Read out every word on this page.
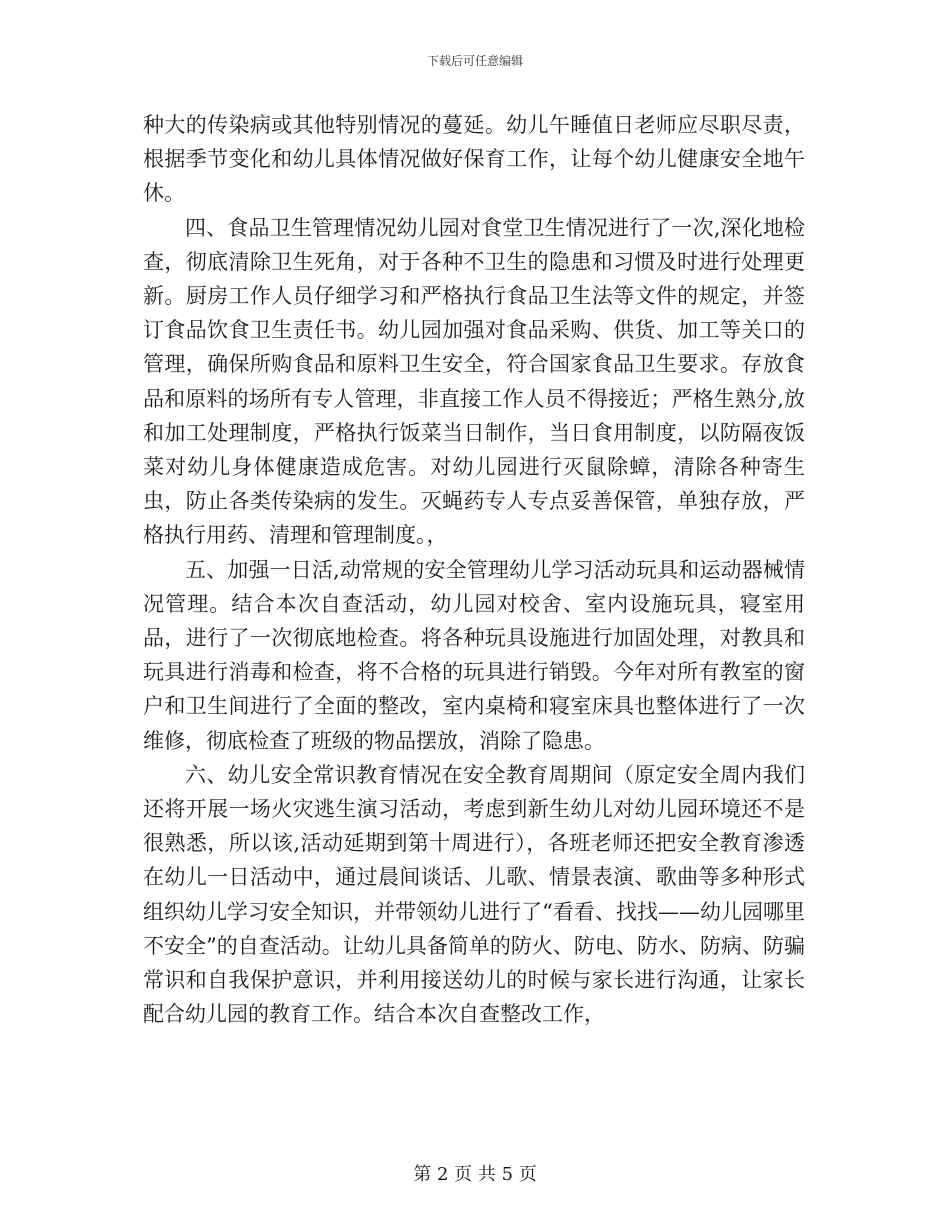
下载后可任意编辑

种大的传染病或其他特别情况的蔓延。幼儿午睡值日老师应尽职尽责，根据季节变化和幼儿具体情况做好保育工作，让每个幼儿健康安全地午休。

四、食品卫生管理情况幼儿园对食堂卫生情况进行了一次,深化地检查，彻底清除卫生死角，对于各种不卫生的隐患和习惯及时进行处理更新。厨房工作人员仔细学习和严格执行食品卫生法等文件的规定，并签订食品饮食卫生责任书。幼儿园加强对食品采购、供货、加工等关口的管理，确保所购食品和原料卫生安全，符合国家食品卫生要求。存放食品和原料的场所有专人管理，非直接工作人员不得接近；严格生熟分,放和加工处理制度，严格执行饭菜当日制作，当日食用制度，以防隔夜饭菜对幼儿身体健康造成危害。对幼儿园进行灭鼠除蟑，清除各种寄生虫，防止各类传染病的发生。灭蝇药专人专点妥善保管，单独存放，严格执行用药、清理和管理制度。，

五、加强一日活,动常规的安全管理幼儿学习活动玩具和运动器械情况管理。结合本次自查活动，幼儿园对校舍、室内设施玩具，寝室用品，进行了一次彻底地检查。将各种玩具设施进行加固处理，对教具和玩具进行消毒和检查，将不合格的玩具进行销毁。今年对所有教室的窗户和卫生间进行了全面的整改，室内桌椅和寝室床具也整体进行了一次维修，彻底检查了班级的物品摆放，消除了隐患。

六、幼儿安全常识教育情况在安全教育周期间（原定安全周内我们还将开展一场火灾逃生演习活动，考虑到新生幼儿对幼儿园环境还不是很熟悉，所以该,活动延期到第十周进行），各班老师还把安全教育渗透在幼儿一日活动中，通过晨间谈话、儿歌、情景表演、歌曲等多种形式组织幼儿学习安全知识，并带领幼儿进行了“看看、找找——幼儿园哪里不安全”的自查活动。让幼儿具备简单的防火、防电、防水、防病、防骗常识和自我保护意识，并利用接送幼儿的时候与家长进行沟通，让家长配合幼儿园的教育工作。结合本次自查整改工作，

第 2 页 共 5 页
